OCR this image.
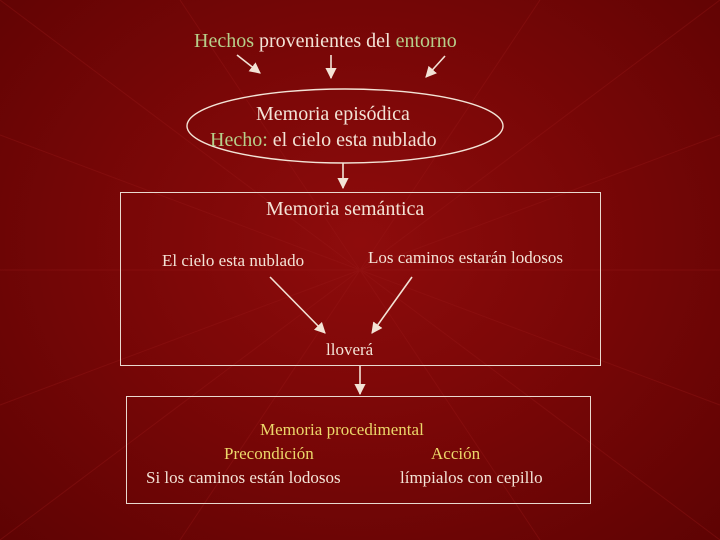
Hechos provenientes del entorno
Memoria episódica
Hecho: el cielo esta nublado
Memoria semántica
El cielo esta nublado	Los caminos estarán lodosos
lloverá
Memoria procedimental
Precondición	Acción
Si los caminos están lodosos	límpialos con cepillo
